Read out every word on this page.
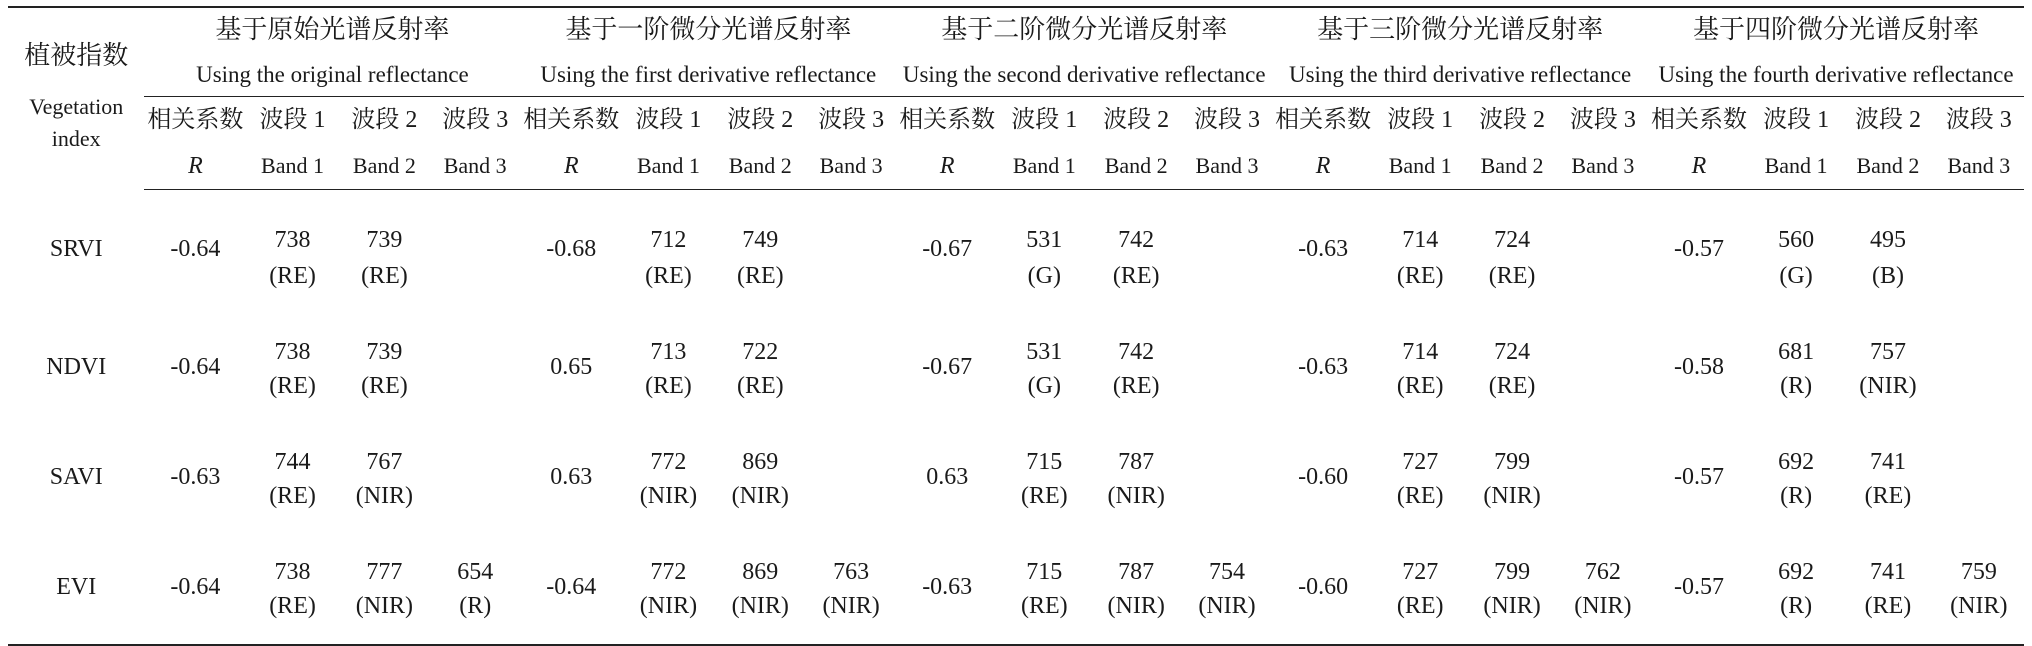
植被指数
Vegetation
index	基于原始光谱反射率				基于一阶微分光谱反射率				基于二阶微分光谱反射率				基于三阶微分光谱反射率				基于四阶微分光谱反射率			
	Using the original reflectance				Using the first derivative reflectance				Using the second derivative reflectance				Using the third derivative reflectance				Using the fourth derivative reflectance			
	相关系数	波段 1	波段 2	波段 3	相关系数	波段 1	波段 2	波段 3	相关系数	波段 1	波段 2	波段 3	相关系数	波段 1	波段 2	波段 3	相关系数	波段 1	波段 2	波段 3
	R	Band 1	Band 2	Band 3	R	Band 1	Band 2	Band 3	R	Band 1	Band 2	Band 3	R	Band 1	Band 2	Band 3	R	Band 1	Band 2	Band 3
SRVI	-0.64	738	739		-0.68	712	749		-0.67	531	742		-0.63	714	724		-0.57	560	495	
		(RE)	(RE)			(RE)	(RE)			(G)	(RE)			(RE)	(RE)			(G)	(B)	
NDVI	-0.64	738	739		0.65	713	722		-0.67	531	742		-0.63	714	724		-0.58	681	757	
		(RE)	(RE)			(RE)	(RE)			(G)	(RE)			(RE)	(RE)			(R)	(NIR)	
SAVI	-0.63	744	767		0.63	772	869		0.63	715	787		-0.60	727	799		-0.57	692	741	
		(RE)	(NIR)			(NIR)	(NIR)			(RE)	(NIR)			(RE)	(NIR)			(R)	(RE)	
EVI	-0.64	738	777	654	-0.64	772	869	763	-0.63	715	787	754	-0.60	727	799	762	-0.57	692	741	759
		(RE)	(NIR)	(R)		(NIR)	(NIR)	(NIR)		(RE)	(NIR)	(NIR)		(RE)	(NIR)	(NIR)		(R)	(RE)	(NIR)
